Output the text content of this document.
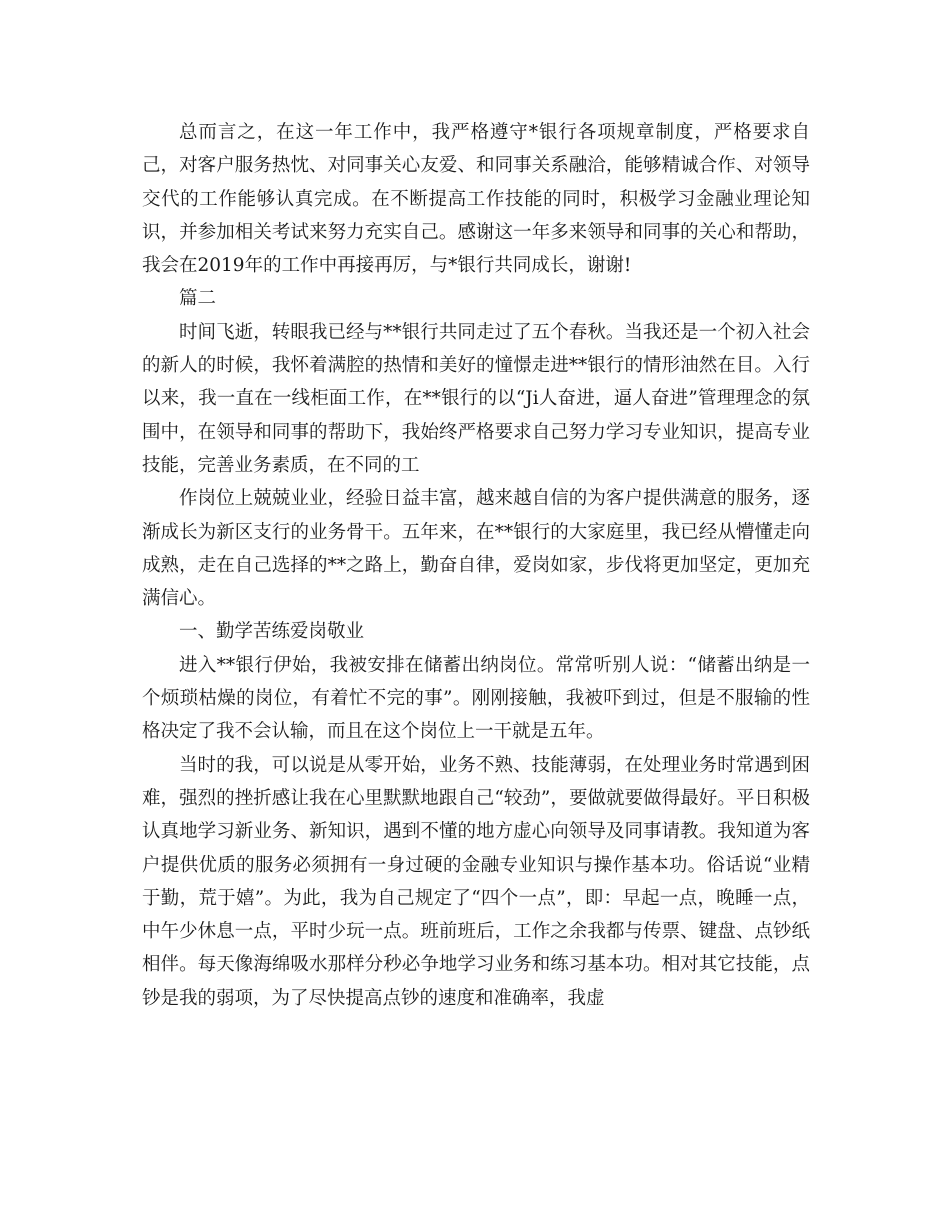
总而言之，在这一年工作中，我严格遵守*银行各项规章制度，严格要求自己，对客户服务热忱、对同事关心友爱、和同事关系融洽，能够精诚合作、对领导交代的工作能够认真完成。在不断提高工作技能的同时，积极学习金融业理论知识，并参加相关考试来努力充实自己。感谢这一年多来领导和同事的关心和帮助，我会在2019年的工作中再接再厉，与*银行共同成长，谢谢!

篇二

时间飞逝，转眼我已经与**银行共同走过了五个春秋。当我还是一个初入社会的新人的时候，我怀着满腔的热情和美好的憧憬走进**银行的情形油然在目。入行以来，我一直在一线柜面工作，在**银行的以“Ji人奋进，逼人奋进”管理理念的氛围中，在领导和同事的帮助下，我始终严格要求自己努力学习专业知识，提高专业技能，完善业务素质，在不同的工

作岗位上兢兢业业，经验日益丰富，越来越自信的为客户提供满意的服务，逐渐成长为新区支行的业务骨干。五年来，在**银行的大家庭里，我已经从懵懂走向成熟，走在自己选择的**之路上，勤奋自律，爱岗如家，步伐将更加坚定，更加充满信心。

一、勤学苦练爱岗敬业

进入**银行伊始，我被安排在储蓄出纳岗位。常常听别人说：“储蓄出纳是一个烦琐枯燥的岗位，有着忙不完的事”。刚刚接触，我被吓到过，但是不服输的性格决定了我不会认输，而且在这个岗位上一干就是五年。

当时的我，可以说是从零开始，业务不熟、技能薄弱，在处理业务时常遇到困难，强烈的挫折感让我在心里默默地跟自己“较劲”，要做就要做得最好。平日积极认真地学习新业务、新知识，遇到不懂的地方虚心向领导及同事请教。我知道为客户提供优质的服务必须拥有一身过硬的金融专业知识与操作基本功。俗话说“业精于勤，荒于嬉”。为此，我为自己规定了“四个一点”，即：早起一点，晚睡一点，中午少休息一点，平时少玩一点。班前班后，工作之余我都与传票、键盘、点钞纸相伴。每天像海绵吸水那样分秒必争地学习业务和练习基本功。相对其它技能，点钞是我的弱项，为了尽快提高点钞的速度和准确率，我虚
